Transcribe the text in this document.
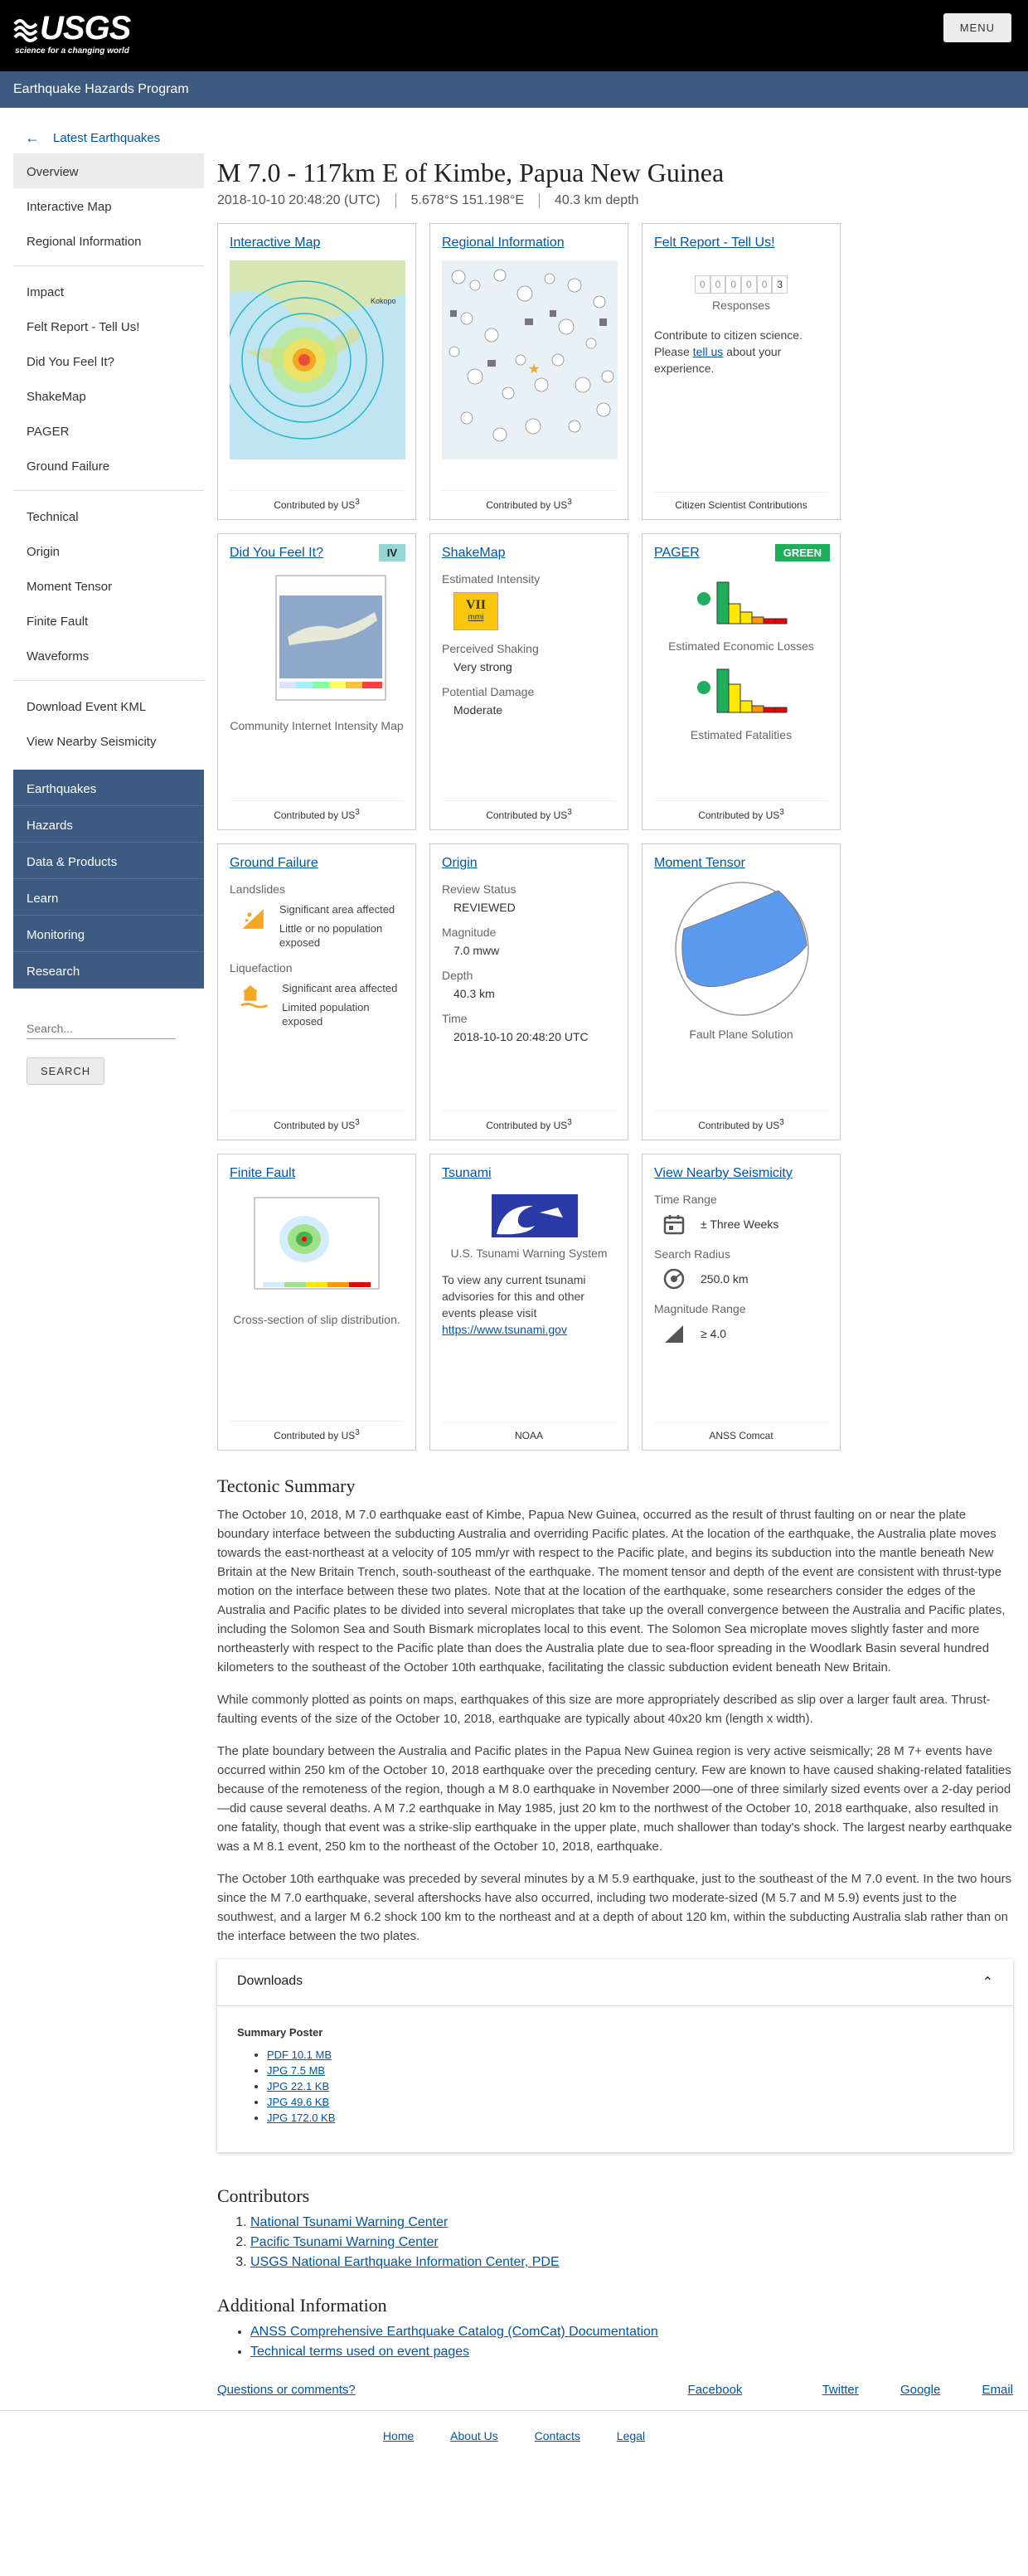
USGS
science for a changing world
MENU
Earthquake Hazards Program
← Latest Earthquakes
Overview
Interactive Map
Regional Information
Impact
Felt Report - Tell Us!
Did You Feel It?
ShakeMap
PAGER
Ground Failure
Technical
Origin
Moment Tensor
Finite Fault
Waveforms
Download Event KML
View Nearby Seismicity
Earthquakes
Hazards
Data & Products
Learn
Monitoring
Research
Search...
SEARCH
M 7.0 - 117km E of Kimbe, Papua New Guinea
2018-10-10 20:48:20 (UTC)	5.678°S 151.198°E	40.3 km depth
Interactive Map
Kokopo
Contributed by $US^3$
Regional Information
★
Contributed by $US^3$
Felt Report - Tell Us!
0	0	0	0	0	3
Responses
Contribute to citizen science.
Please tell us about your experience.
Citizen Scientist Contributions
Did You Feel It?	IV
Community Internet Intensity Map
Contributed by $US^3$
ShakeMap
Estimated Intensity
VII
mmi
Perceived Shaking
Very strong
Potential Damage
Moderate
Contributed by $US^3$
PAGER	GREEN
Estimated Economic Losses
Estimated Fatalities
Contributed by $US^3$
Ground Failure
Landslides
Significant area affected
Little or no population exposed
Liquefaction
Significant area affected
Limited population exposed
Contributed by $US^3$
Origin
Review Status
REVIEWED
Magnitude
7.0 mww
Depth
40.3 km
Time
2018-10-10 20:48:20 UTC
Contributed by $US^3$
Moment Tensor
Fault Plane Solution
Contributed by $US^3$
Finite Fault
Cross-section of slip distribution.
Contributed by $US^3$
Tsunami
U.S. Tsunami Warning System
To view any current tsunami advisories for this and other events please visit
https://www.tsunami.gov
NOAA
View Nearby Seismicity
Time Range
± Three Weeks
Search Radius
250.0 km
Magnitude Range
≥ 4.0
ANSS Comcat
Tectonic Summary

The October 10, 2018, M 7.0 earthquake east of Kimbe, Papua New Guinea, occurred as the result of thrust faulting on or near the plate boundary interface between the subducting Australia and overriding Pacific plates. At the location of the earthquake, the Australia plate moves towards the east-northeast at a velocity of 105 mm/yr with respect to the Pacific plate, and begins its subduction into the mantle beneath New Britain at the New Britain Trench, south-southeast of the earthquake. The moment tensor and depth of the event are consistent with thrust-type motion on the interface between these two plates. Note that at the location of the earthquake, some researchers consider the edges of the Australia and Pacific plates to be divided into several microplates that take up the overall convergence between the Australia and Pacific plates, including the Solomon Sea and South Bismark microplates local to this event. The Solomon Sea microplate moves slightly faster and more northeasterly with respect to the Pacific plate than does the Australia plate due to sea-floor spreading in the Woodlark Basin several hundred kilometers to the southeast of the October 10th earthquake, facilitating the classic subduction evident beneath New Britain.

While commonly plotted as points on maps, earthquakes of this size are more appropriately described as slip over a larger fault area. Thrust-faulting events of the size of the October 10, 2018, earthquake are typically about 40x20 km (length x width).

The plate boundary between the Australia and Pacific plates in the Papua New Guinea region is very active seismically; 28 M 7+ events have occurred within 250 km of the October 10, 2018 earthquake over the preceding century. Few are known to have caused shaking-related fatalities because of the remoteness of the region, though a M 8.0 earthquake in November 2000—one of three similarly sized events over a 2-day period—did cause several deaths. A M 7.2 earthquake in May 1985, just 20 km to the northwest of the October 10, 2018 earthquake, also resulted in one fatality, though that event was a strike-slip earthquake in the upper plate, much shallower than today's shock. The largest nearby earthquake was a M 8.1 event, 250 km to the northeast of the October 10, 2018, earthquake.

The October 10th earthquake was preceded by several minutes by a M 5.9 earthquake, just to the southeast of the M 7.0 event. In the two hours since the M 7.0 earthquake, several aftershocks have also occurred, including two moderate-sized (M 5.7 and M 5.9) events just to the southwest, and a larger M 6.2 shock 100 km to the northeast and at a depth of about 120 km, within the subducting Australia slab rather than on the interface between the two plates.

Downloads	⌃
Summary Poster
• PDF 10.1 MB
• JPG 7.5 MB
• JPG 22.1 KB
• JPG 49.6 KB
• JPG 172.0 KB
Contributors
1. National Tsunami Warning Center
2. Pacific Tsunami Warning Center
3. USGS National Earthquake Information Center, PDE
Additional Information
• ANSS Comprehensive Earthquake Catalog (ComCat) Documentation
• Technical terms used on event pages
Questions or comments?	Facebook	Twitter	Google	Email
Home	About Us	Contacts	Legal
